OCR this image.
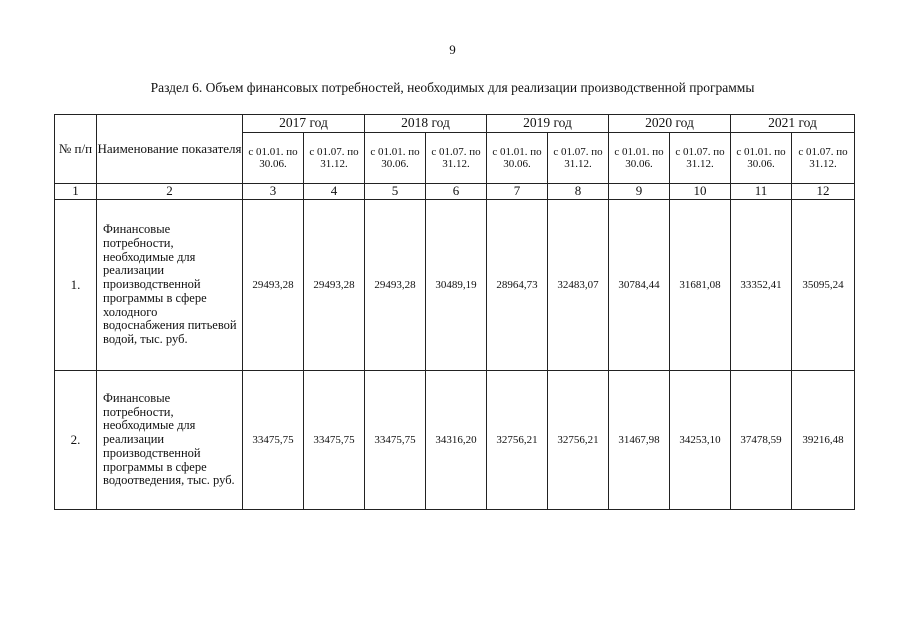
9
Раздел 6. Объем финансовых потребностей, необходимых для реализации производственной программы
№ п/п	Наименование показателя	2017 год		2018 год		2019 год		2020 год		2021 год	
		с 01.01. по 30.06.	с 01.07. по 31.12.	с 01.01. по 30.06.	с 01.07. по 31.12.	с 01.01. по 30.06.	с 01.07. по 31.12.	с 01.01. по 30.06.	с 01.07. по 31.12.	с 01.01. по 30.06.	с 01.07. по 31.12.
1	2	3	4	5	6	7	8	9	10	11	12
1.	Финансовые потребности, необходимые для реализации производственной программы в сфере холодного водоснабжения питьевой водой, тыс. руб.	29493,28	29493,28	29493,28	30489,19	28964,73	32483,07	30784,44	31681,08	33352,41	35095,24
2.	Финансовые потребности, необходимые для реализации производственной программы в сфере водоотведения, тыс. руб.	33475,75	33475,75	33475,75	34316,20	32756,21	32756,21	31467,98	34253,10	37478,59	39216,48
